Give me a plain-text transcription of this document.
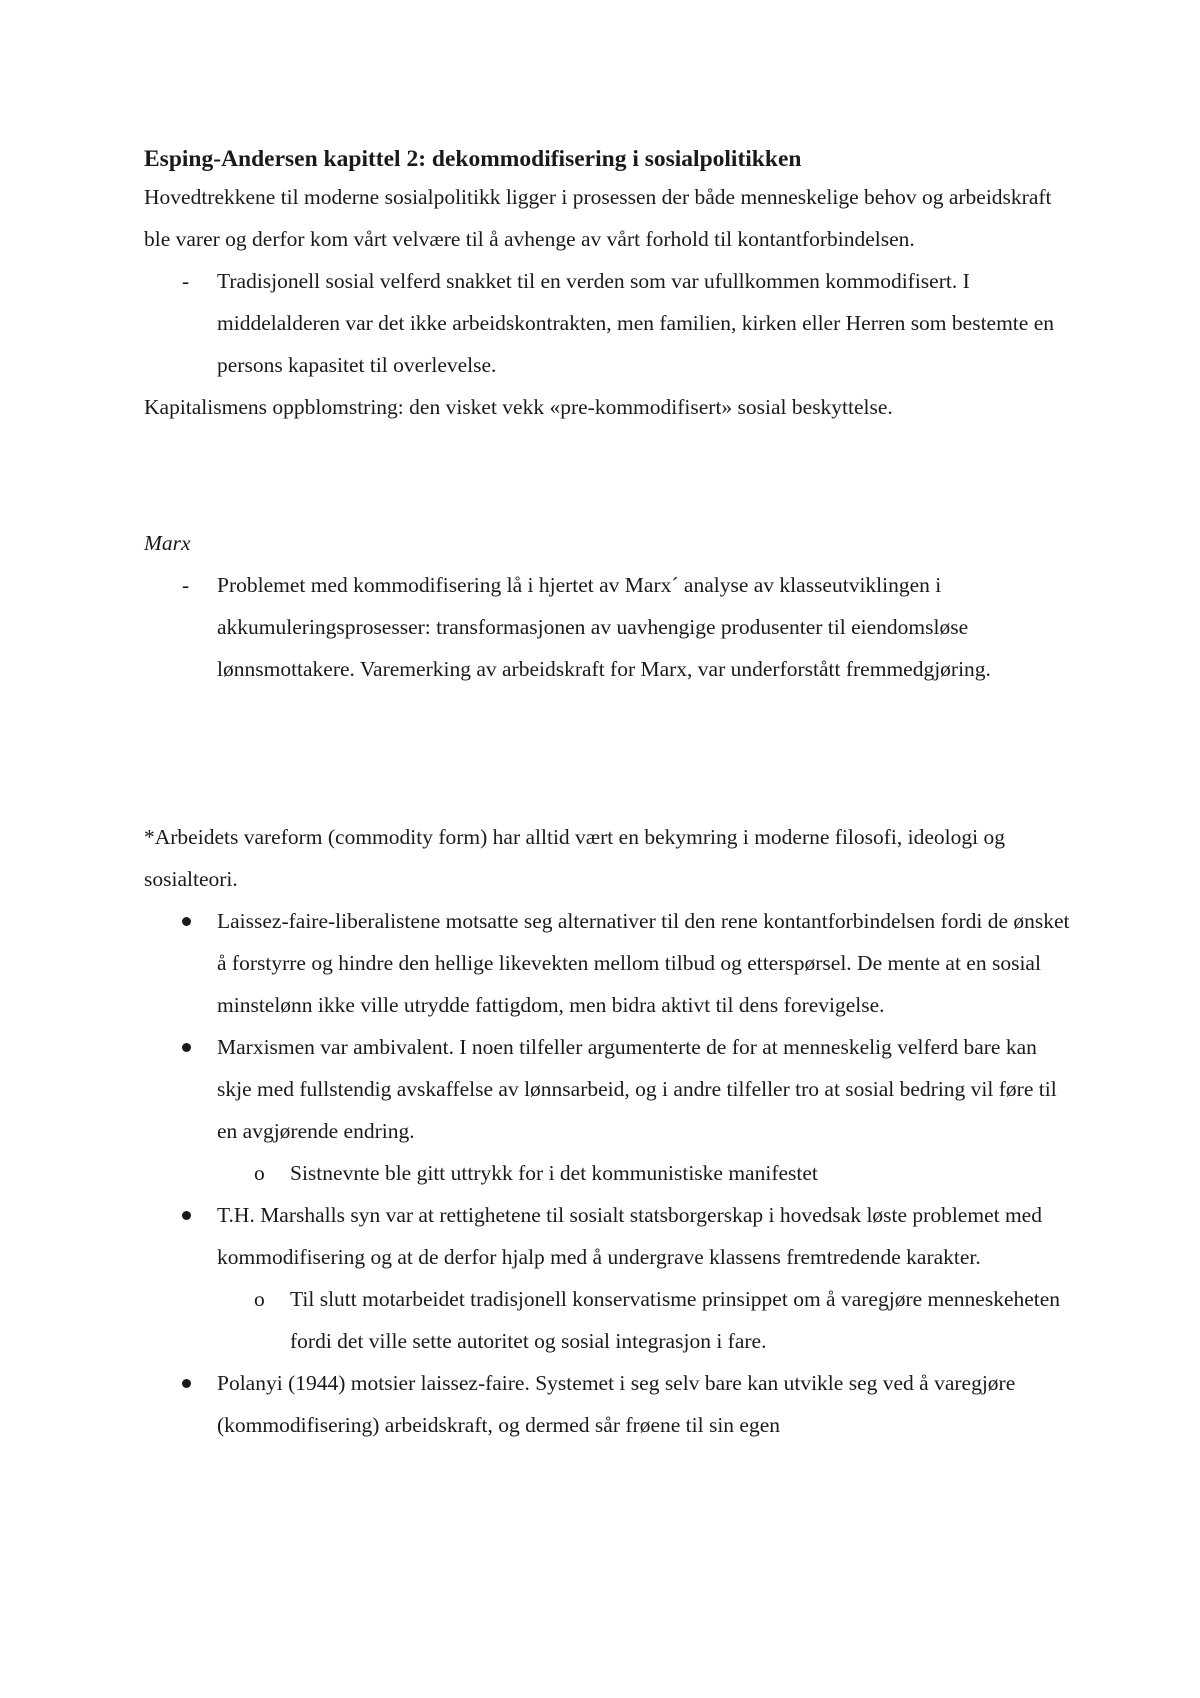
Esping-Andersen kapittel 2: dekommodifisering i sosialpolitikken

Hovedtrekkene til moderne sosialpolitikk ligger i prosessen der både menneskelige behov og arbeidskraft ble varer og derfor kom vårt velvære til å avhenge av vårt forhold til kontantforbindelsen.

-	Tradisjonell sosial velferd snakket til en verden som var ufullkommen kommodifisert. I middelalderen var det ikke arbeidskontrakten, men familien, kirken eller Herren som bestemte en persons kapasitet til overlevelse.

Kapitalismens oppblomstring: den visket vekk «pre-kommodifisert» sosial beskyttelse.

Marx

-	Problemet med kommodifisering lå i hjertet av Marx´ analyse av klasseutviklingen i akkumuleringsprosesser: transformasjonen av uavhengige produsenter til eiendomsløse lønnsmottakere. Varemerking av arbeidskraft for Marx, var underforstått fremmedgjøring.

*Arbeidets vareform (commodity form) har alltid vært en bekymring i moderne filosofi, ideologi og sosialteori.

Laissez-faire-liberalistene motsatte seg alternativer til den rene kontantforbindelsen fordi de ønsket å forstyrre og hindre den hellige likevekten mellom tilbud og etterspørsel. De mente at en sosial minstelønn ikke ville utrydde fattigdom, men bidra aktivt til dens forevigelse.
Marxismen var ambivalent. I noen tilfeller argumenterte de for at menneskelig velferd bare kan skje med fullstendig avskaffelse av lønnsarbeid, og i andre tilfeller tro at sosial bedring vil føre til en avgjørende endring.
o Sistnevnte ble gitt uttrykk for i det kommunistiske manifestet
T.H. Marshalls syn var at rettighetene til sosialt statsborgerskap i hovedsak løste problemet med kommodifisering og at de derfor hjalp med å undergrave klassens fremtredende karakter.
o Til slutt motarbeidet tradisjonell konservatisme prinsippet om å varegjøre menneskeheten fordi det ville sette autoritet og sosial integrasjon i fare.
Polanyi (1944) motsier laissez-faire. Systemet i seg selv bare kan utvikle seg ved å varegjøre (kommodifisering) arbeidskraft, og dermed sår frøene til sin egen
